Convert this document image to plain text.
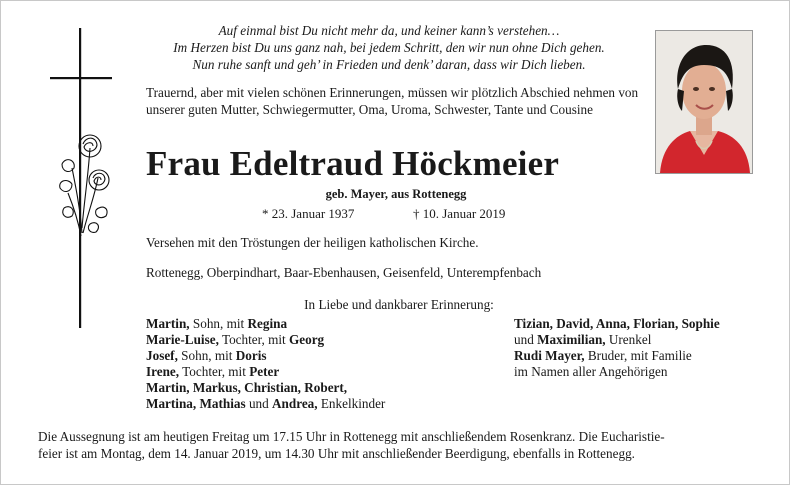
Auf einmal bist Du nicht mehr da, und keiner kann’s verstehen…
Im Herzen bist Du uns ganz nah, bei jedem Schritt, den wir nun ohne Dich gehen.
Nun ruhe sanft und geh’ in Frieden und denk’ daran, dass wir Dich lieben.
Trauernd, aber mit vielen schönen Erinnerungen, müssen wir plötzlich Abschied nehmen von unserer guten Mutter, Schwiegermutter, Oma, Uroma, Schwester, Tante und Cousine
Frau Edeltraud Höckmeier
geb. Mayer, aus Rottenegg
* 23. Januar 1937	† 10. Januar 2019
Versehen mit den Tröstungen der heiligen katholischen Kirche.
Rottenegg, Oberpindhart, Baar-Ebenhausen, Geisenfeld, Unterempfenbach
In Liebe und dankbarer Erinnerung:
Martin, Sohn, mit Regina
Marie-Luise, Tochter, mit Georg
Josef, Sohn, mit Doris
Irene, Tochter, mit Peter
Martin, Markus, Christian, Robert,
Martina, Mathias und Andrea, Enkelkinder
Tizian, David, Anna, Florian, Sophie
und Maximilian, Urenkel
Rudi Mayer, Bruder, mit Familie
im Namen aller Angehörigen
Die Aussegnung ist am heutigen Freitag um 17.15 Uhr in Rottenegg mit anschließendem Rosenkranz. Die Eucharistie-
feier ist am Montag, dem 14. Januar 2019, um 14.30 Uhr mit anschließender Beerdigung, ebenfalls in Rottenegg.
